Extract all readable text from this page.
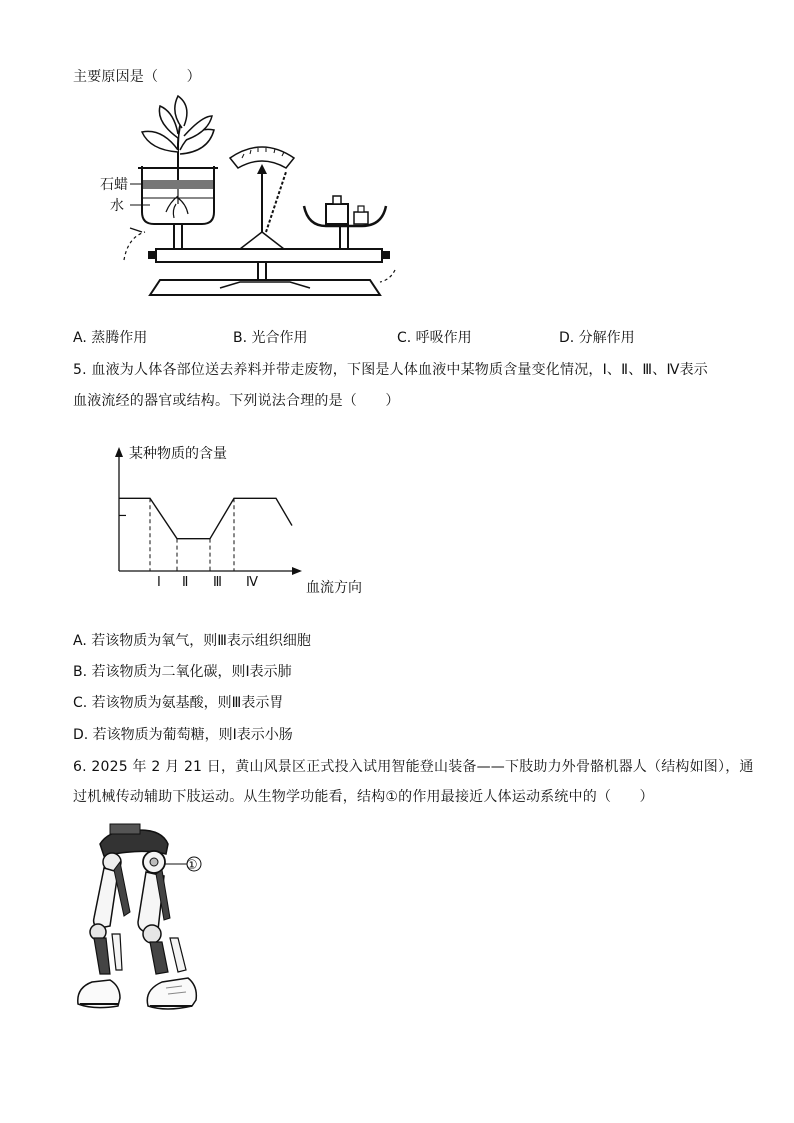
主要原因是（　　）
石蜡
水
A. 蒸腾作用	B. 光合作用	C. 呼吸作用	D. 分解作用
5. 血液为人体各部位送去养料并带走废物，下图是人体血液中某物质含量变化情况，Ⅰ、Ⅱ、Ⅲ、Ⅳ表示
血液流经的器官或结构。下列说法合理的是（　　）
某种物质的含量
血流方向
Ⅰ Ⅱ Ⅲ Ⅳ
A. 若该物质为氧气，则Ⅲ表示组织细胞
B. 若该物质为二氧化碳，则Ⅰ表示肺
C. 若该物质为氨基酸，则Ⅲ表示胃
D. 若该物质为葡萄糖，则Ⅰ表示小肠
6. 2025 年 2 月 21 日，黄山风景区正式投入试用智能登山装备——下肢助力外骨骼机器人（结构如图），通
过机械传动辅助下肢运动。从生物学功能看，结构①的作用最接近人体运动系统中的（　　）
①
